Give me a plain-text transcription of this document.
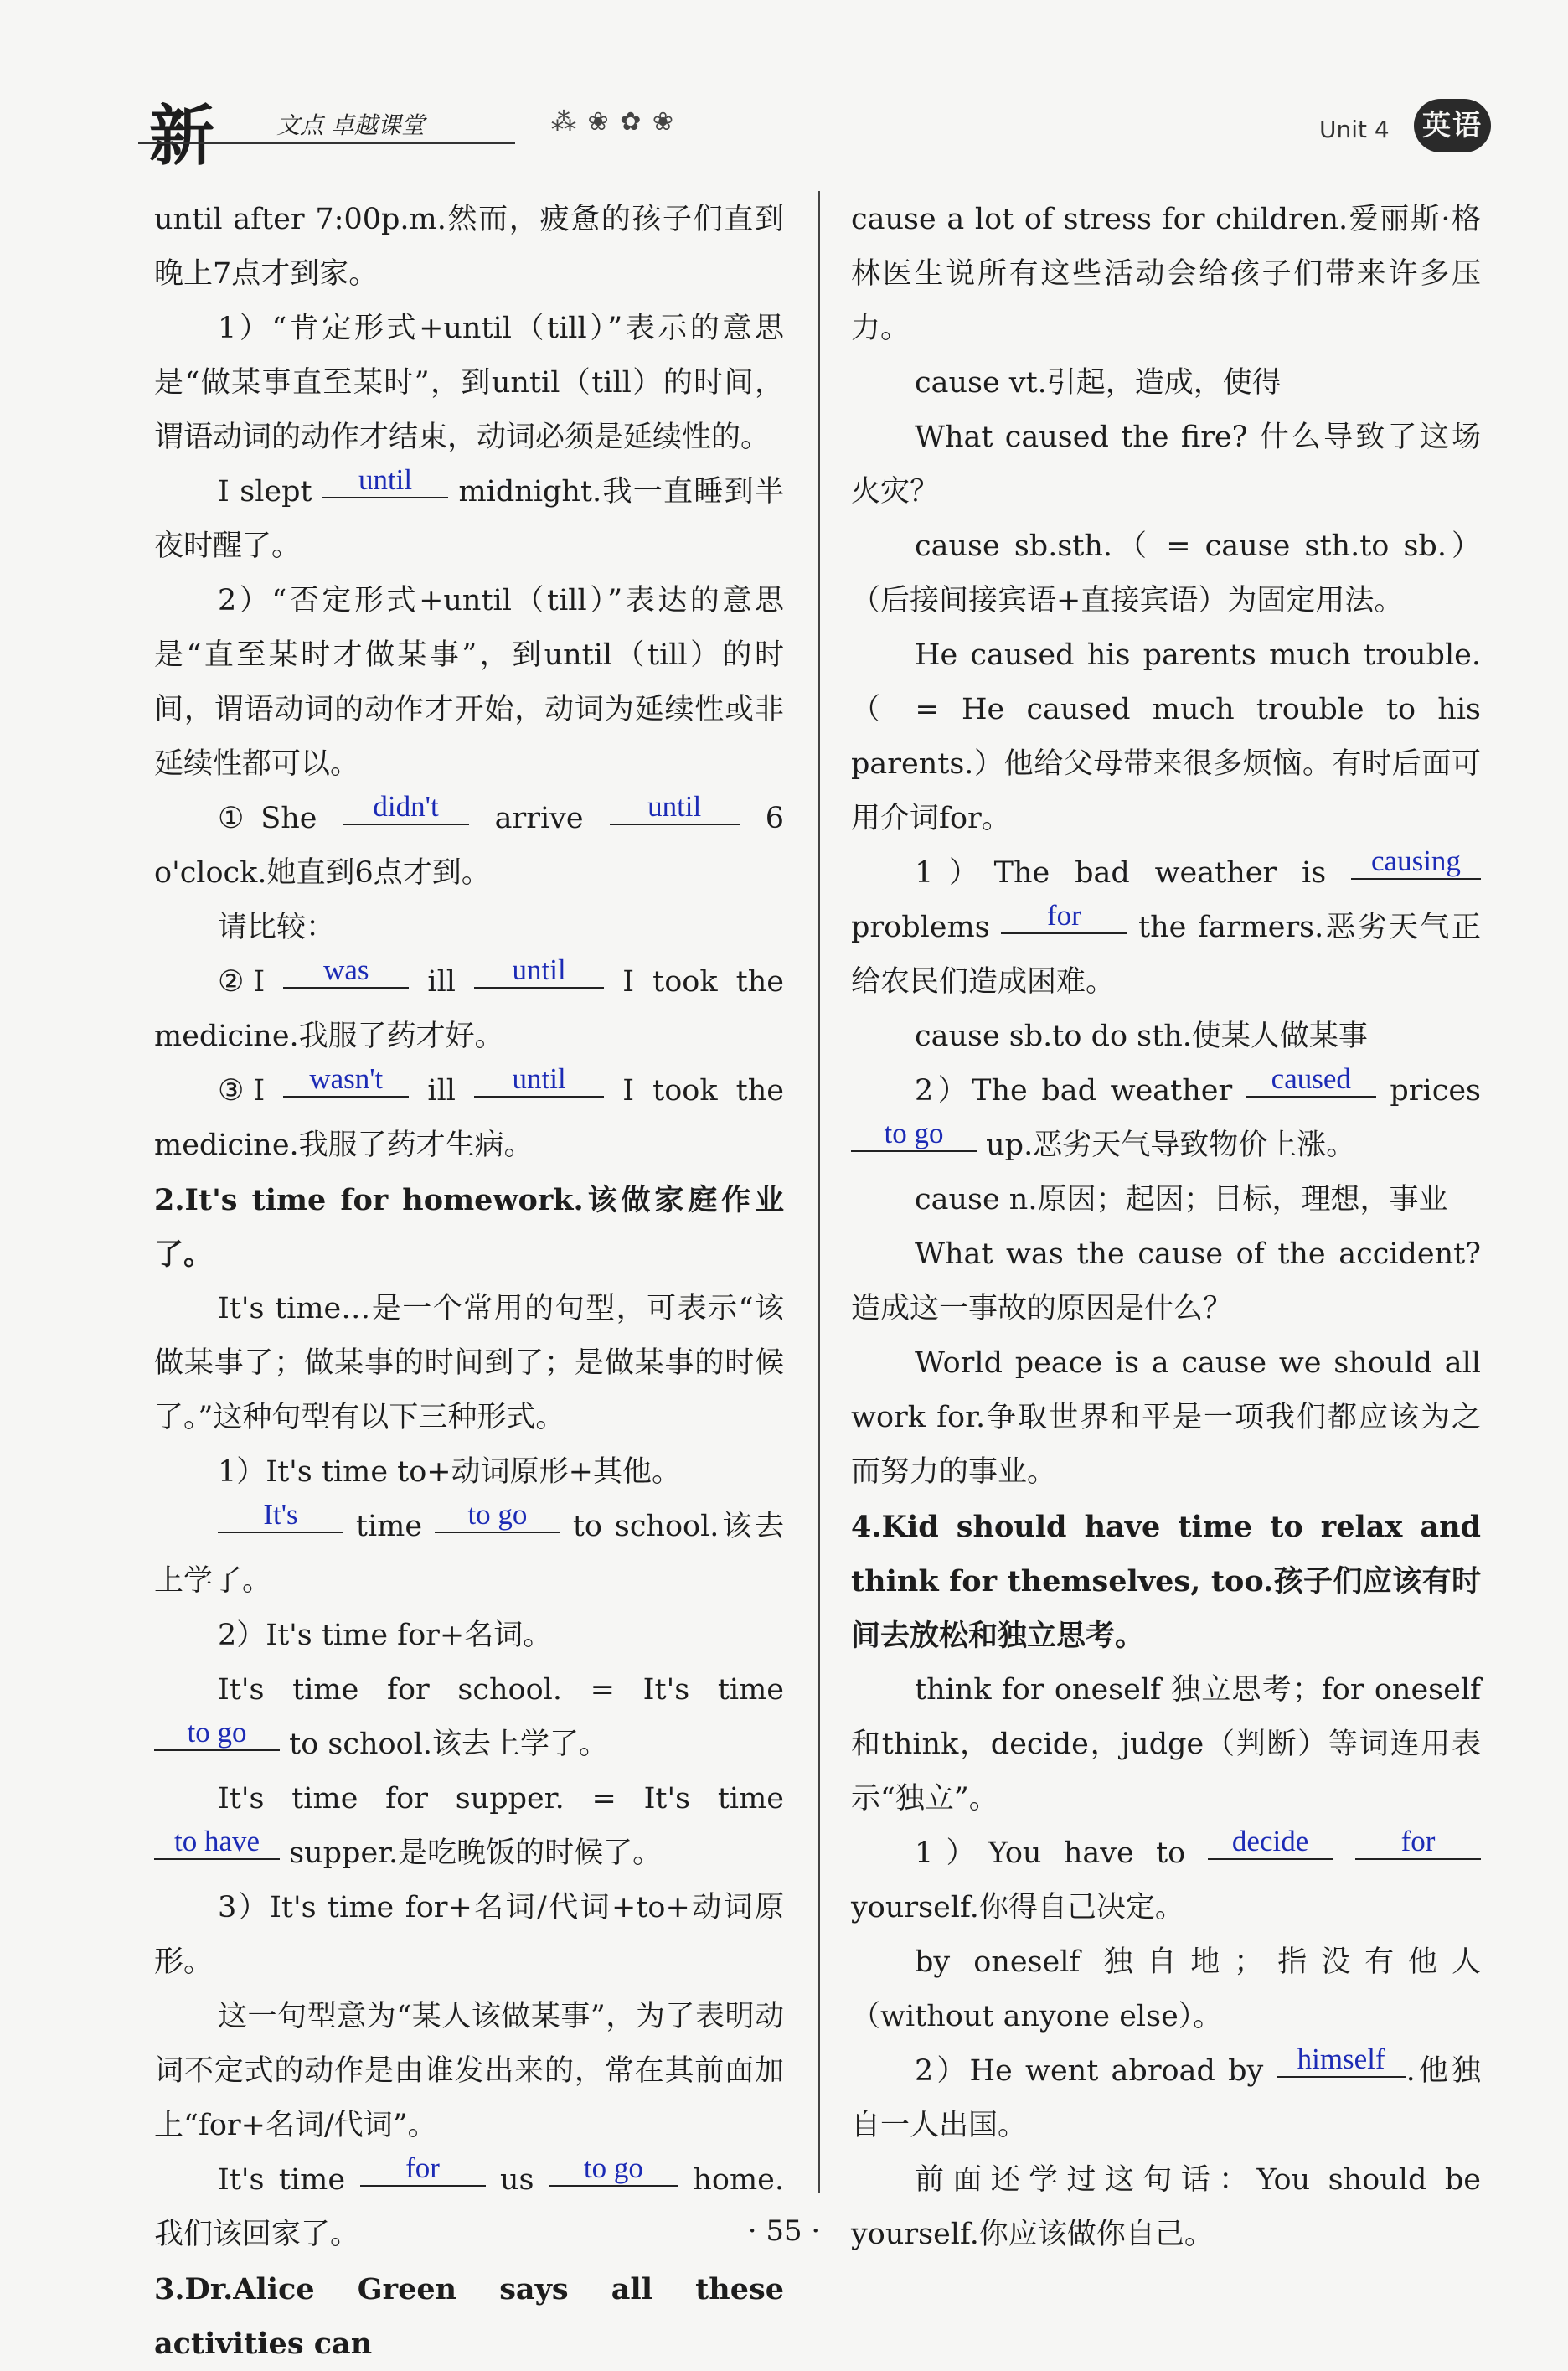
新	文点 卓越课堂	⁂ ❀ ✿ ❀	Unit 4 英语

until after 7:00p.m.然而，疲惫的孩子们直到晚上7点才到家。

1）“肯定形式+until（till）”表示的意思是“做某事直至某时”，到until（till）的时间，谓语动词的动作才结束，动词必须是延续性的。

I slept until midnight.我一直睡到半夜时醒了。

2）“否定形式+until（till）”表达的意思是“直至某时才做某事”，到until（till）的时间，谓语动词的动作才开始，动词为延续性或非延续性都可以。

①She didn't arrive until 6 o'clock.她直到6点才到。

请比较：

②I was ill until I took the medicine.我服了药才好。

③I wasn't ill until I took the medicine.我服了药才生病。

2.It's time for homework.该做家庭作业了。

It's time…是一个常用的句型，可表示“该做某事了；做某事的时间到了；是做某事的时候了。”这种句型有以下三种形式。

1）It's time to+动词原形+其他。

It's time to go to school.该去上学了。

2）It's time for+名词。

It's time for school. = It's time to go to school.该去上学了。

It's time for supper. = It's time to have supper.是吃晚饭的时候了。

3）It's time for+名词/代词+to+动词原形。

这一句型意为“某人该做某事”，为了表明动词不定式的动作是由谁发出来的，常在其前面加上“for+名词/代词”。

It's time for us to go home.我们该回家了。

3.Dr.Alice Green says all these activities can

cause a lot of stress for children.爱丽斯·格林医生说所有这些活动会给孩子们带来许多压力。

cause vt.引起，造成，使得

What caused the fire? 什么导致了这场火灾？

cause sb.sth.（ = cause sth.to sb.）（后接间接宾语+直接宾语）为固定用法。

He caused his parents much trouble.（ = He caused much trouble to his parents.）他给父母带来很多烦恼。有时后面可用介词for。

1）The bad weather is causing problems for the farmers.恶劣天气正给农民们造成困难。

cause sb.to do sth.使某人做某事

2）The bad weather caused prices to go up.恶劣天气导致物价上涨。

cause n.原因；起因；目标，理想，事业

What was the cause of the accident? 造成这一事故的原因是什么？

World peace is a cause we should all work for.争取世界和平是一项我们都应该为之而努力的事业。

4.Kid should have time to relax and think for themselves, too.孩子们应该有时间去放松和独立思考。

think for oneself 独立思考；for oneself 和think，decide，judge（判断）等词连用表示“独立”。

1）You have to decide	for yourself.你得自己决定。

by oneself 独自地；指没有他人（without anyone else）。

2）He went abroad by himself .他独自一人出国。

前面还学过这句话：You should be yourself.你应该做你自己。

· 55 ·
